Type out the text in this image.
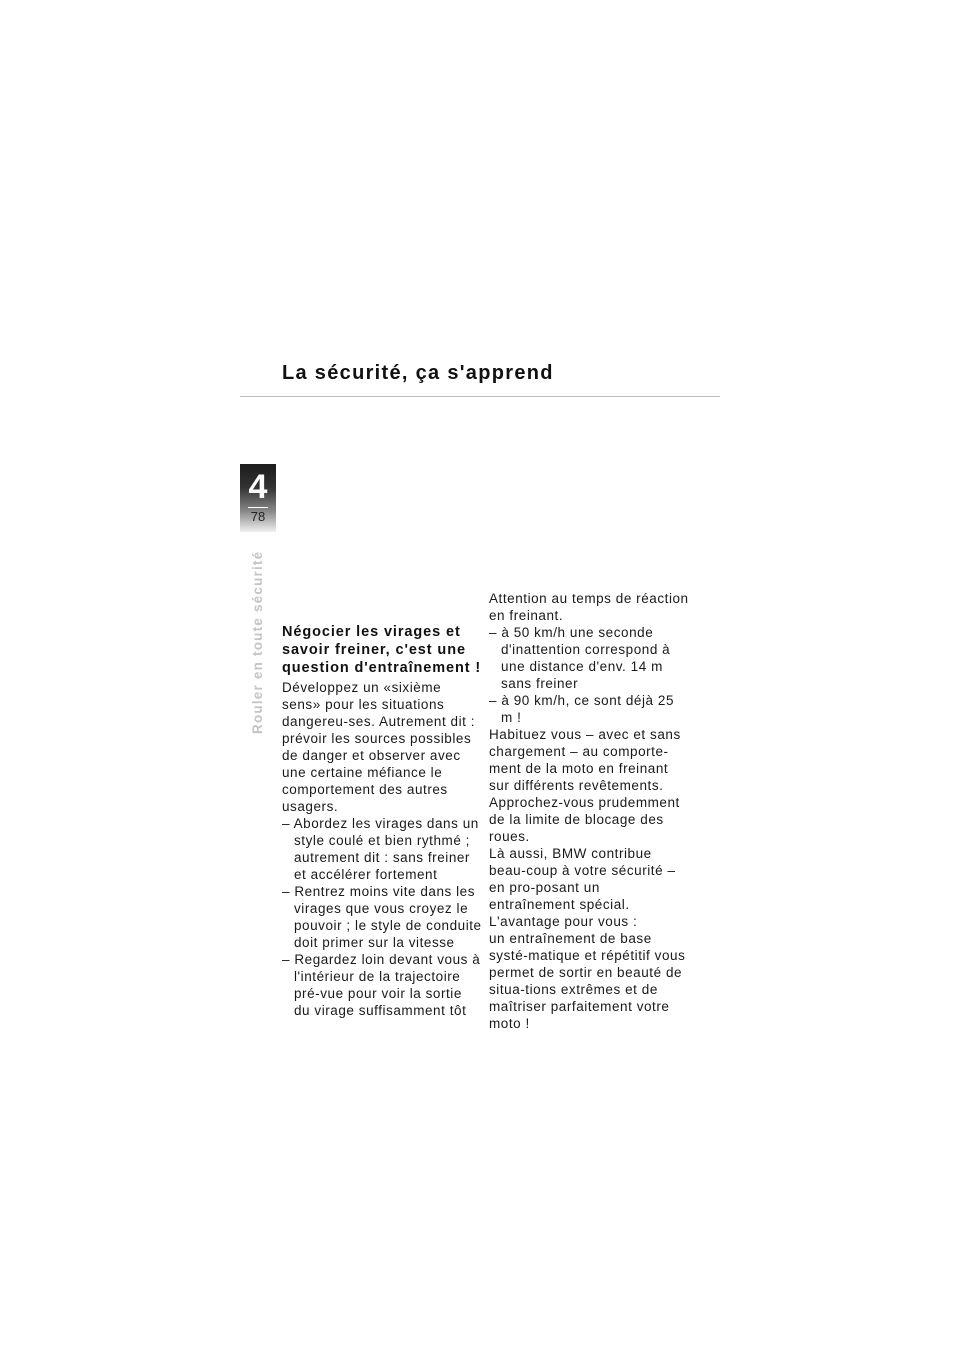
La sécurité, ça s'apprend
4
78
Rouler en toute sécurité Négocier les virages et savoir freiner, c'est une question d'entraînement !

Développez un «sixième sens» pour les situations dangereu-ses. Autrement dit : prévoir les sources possibles de danger et observer avec une certaine méfiance le comportement des autres usagers.

– Abordez les virages dans un style coulé et bien rythmé ; autrement dit : sans freiner et accélérer fortement

– Rentrez moins vite dans les virages que vous croyez le pouvoir ; le style de conduite doit primer sur la vitesse

– Regardez loin devant vous à l'intérieur de la trajectoire pré-vue pour voir la sortie du virage suffisamment tôt

Attention au temps de réaction en freinant.

– à 50 km/h une seconde d'inattention correspond à une distance d'env. 14 m sans freiner

– à 90 km/h, ce sont déjà 25 m !

Habituez vous – avec et sans chargement – au comporte-ment de la moto en freinant sur différents revêtements.

Approchez-vous prudemment de la limite de blocage des roues.

Là aussi, BMW contribue beau-coup à votre sécurité – en pro-posant un entraînement spécial.

L'avantage pour vous :

un entraînement de base systé-matique et répétitif vous permet de sortir en beauté de situa-tions extrêmes et de maîtriser parfaitement votre moto !
